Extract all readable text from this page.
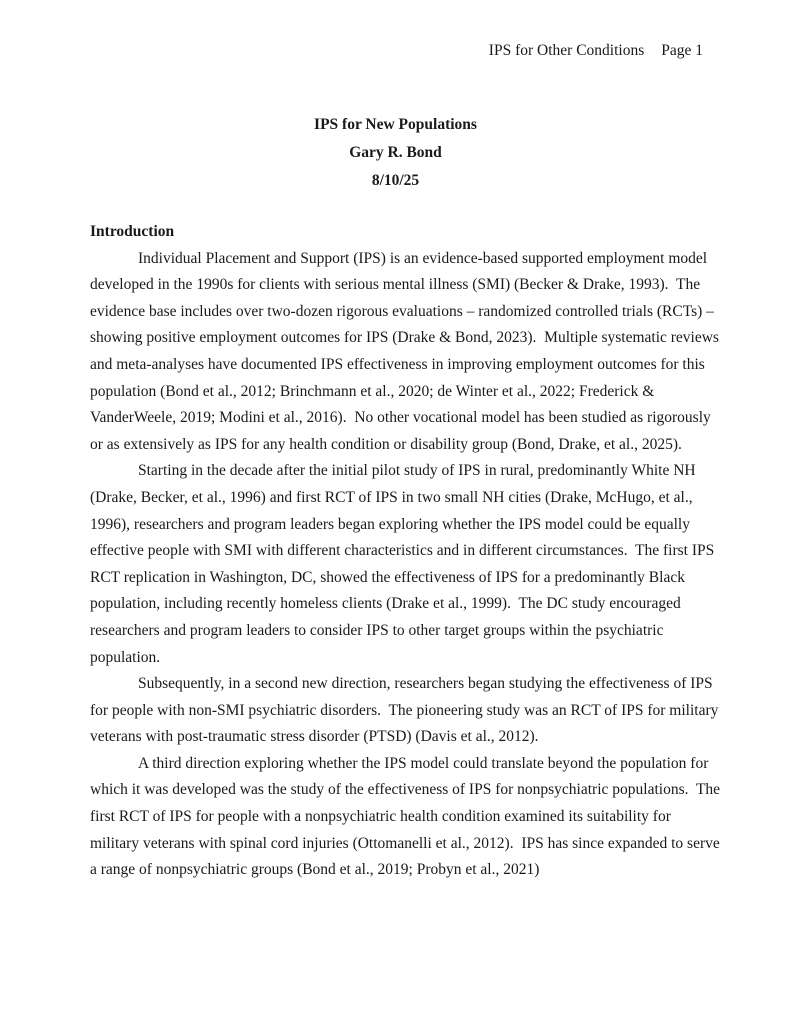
IPS for Other Conditions Page 1
IPS for New Populations
Gary R. Bond
8/10/25
Introduction

Individual Placement and Support (IPS) is an evidence-based supported employment model developed in the 1990s for clients with serious mental illness (SMI) (Becker & Drake, 1993).  The evidence base includes over two-dozen rigorous evaluations – randomized controlled trials (RCTs) – showing positive employment outcomes for IPS (Drake & Bond, 2023).  Multiple systematic reviews and meta-analyses have documented IPS effectiveness in improving employment outcomes for this population (Bond et al., 2012; Brinchmann et al., 2020; de Winter et al., 2022; Frederick & VanderWeele, 2019; Modini et al., 2016).  No other vocational model has been studied as rigorously or as extensively as IPS for any health condition or disability group (Bond, Drake, et al., 2025).

Starting in the decade after the initial pilot study of IPS in rural, predominantly White NH (Drake, Becker, et al., 1996) and first RCT of IPS in two small NH cities (Drake, McHugo, et al., 1996), researchers and program leaders began exploring whether the IPS model could be equally effective people with SMI with different characteristics and in different circumstances.  The first IPS RCT replication in Washington, DC, showed the effectiveness of IPS for a predominantly Black population, including recently homeless clients (Drake et al., 1999).  The DC study encouraged researchers and program leaders to consider IPS to other target groups within the psychiatric population.

Subsequently, in a second new direction, researchers began studying the effectiveness of IPS for people with non-SMI psychiatric disorders.  The pioneering study was an RCT of IPS for military veterans with post-traumatic stress disorder (PTSD) (Davis et al., 2012).

A third direction exploring whether the IPS model could translate beyond the population for which it was developed was the study of the effectiveness of IPS for nonpsychiatric populations.  The first RCT of IPS for people with a nonpsychiatric health condition examined its suitability for military veterans with spinal cord injuries (Ottomanelli et al., 2012).  IPS has since expanded to serve a range of nonpsychiatric groups (Bond et al., 2019; Probyn et al., 2021)
